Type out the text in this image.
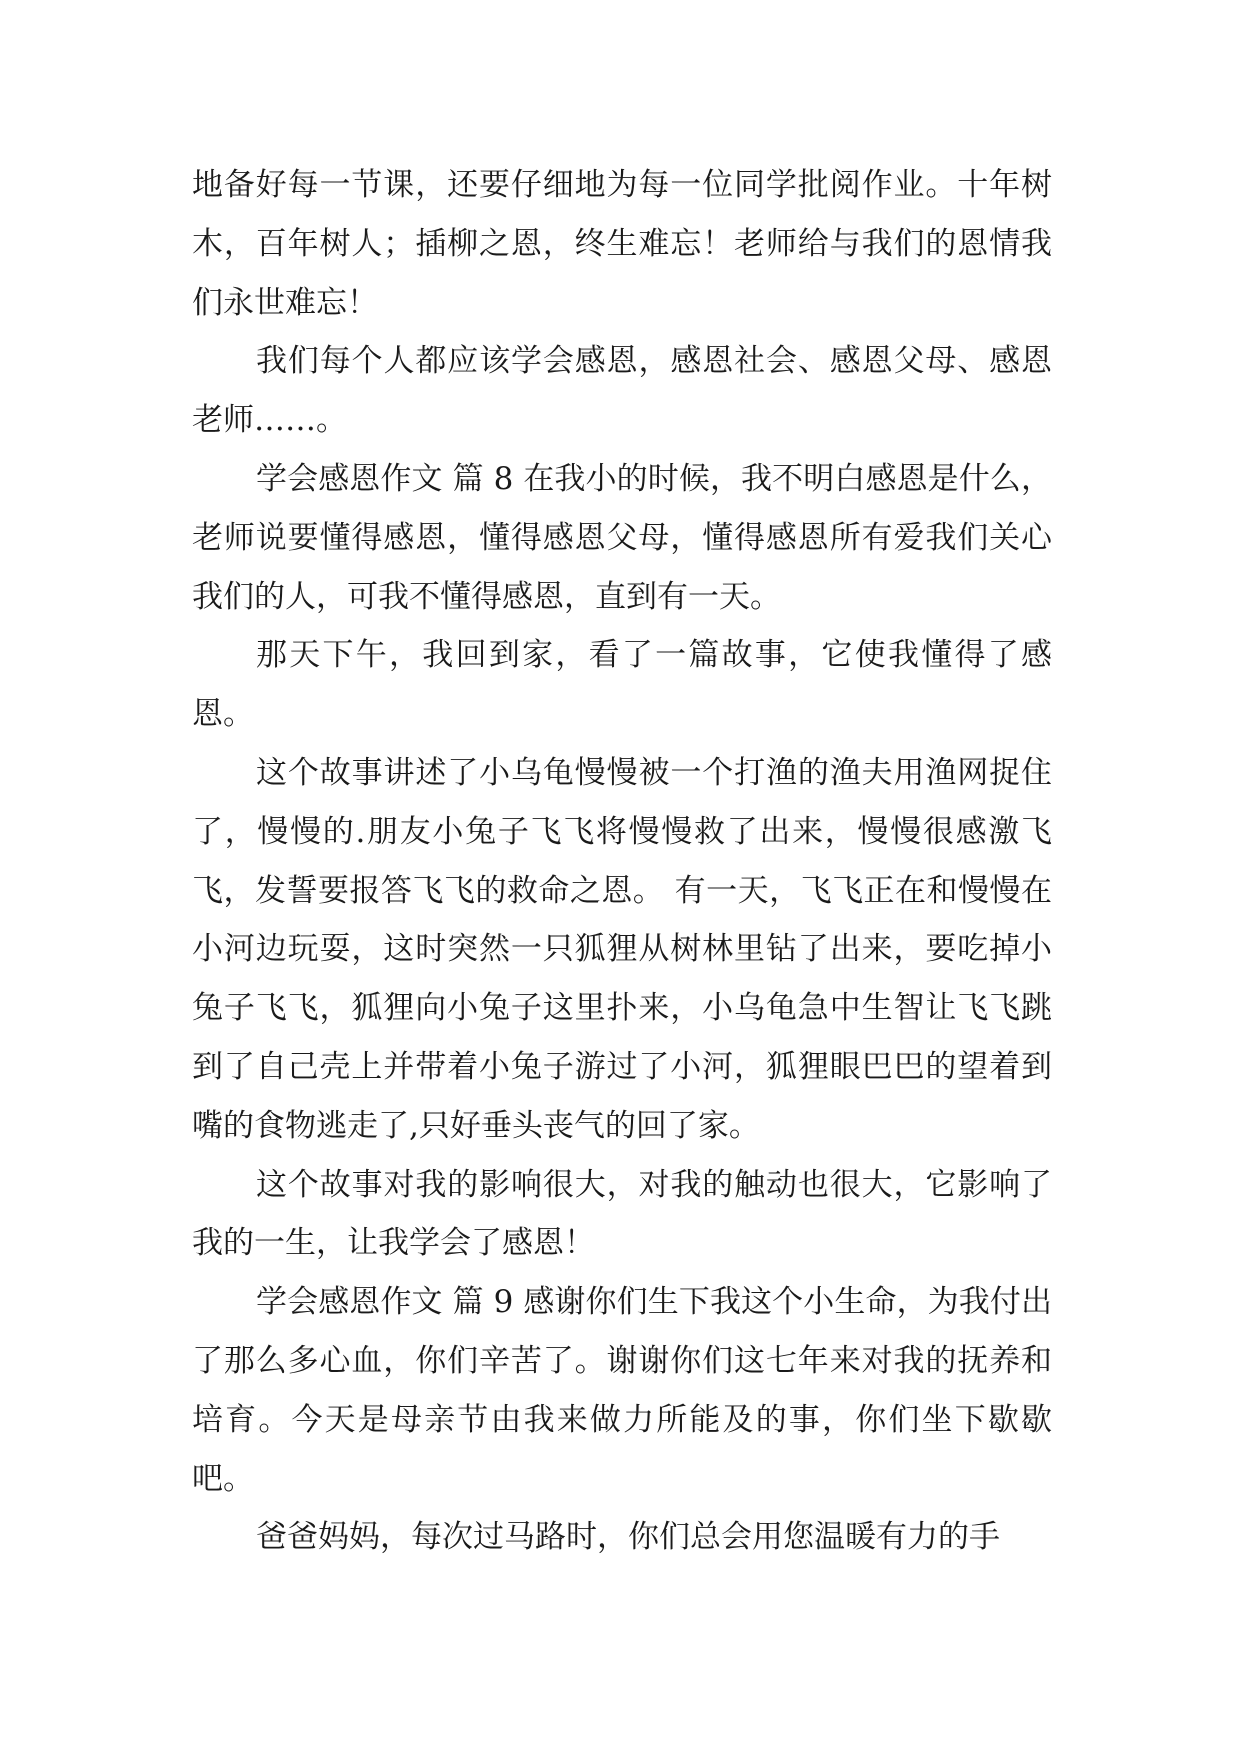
地备好每一节课，还要仔细地为每一位同学批阅作业。十年树木，百年树人；插柳之恩，终生难忘！老师给与我们的恩情我们永世难忘！

我们每个人都应该学会感恩，感恩社会、感恩父母、感恩老师……。

学会感恩作文 篇 8 在我小的时候，我不明白感恩是什么，老师说要懂得感恩，懂得感恩父母，懂得感恩所有爱我们关心我们的人，可我不懂得感恩，直到有一天。

那天下午，我回到家，看了一篇故事，它使我懂得了感恩。

这个故事讲述了小乌龟慢慢被一个打渔的渔夫用渔网捉住了，慢慢的.朋友小兔子飞飞将慢慢救了出来，慢慢很感激飞飞，发誓要报答飞飞的救命之恩。 有一天，飞飞正在和慢慢在小河边玩耍，这时突然一只狐狸从树林里钻了出来，要吃掉小兔子飞飞，狐狸向小兔子这里扑来，小乌龟急中生智让飞飞跳到了自己壳上并带着小兔子游过了小河，狐狸眼巴巴的望着到嘴的食物逃走了,只好垂头丧气的回了家。

这个故事对我的影响很大，对我的触动也很大，它影响了我的一生，让我学会了感恩！

学会感恩作文 篇 9 感谢你们生下我这个小生命，为我付出了那么多心血，你们辛苦了。谢谢你们这七年来对我的抚养和培育。今天是母亲节由我来做力所能及的事，你们坐下歇歇吧。

爸爸妈妈，每次过马路时，你们总会用您温暖有力的手
